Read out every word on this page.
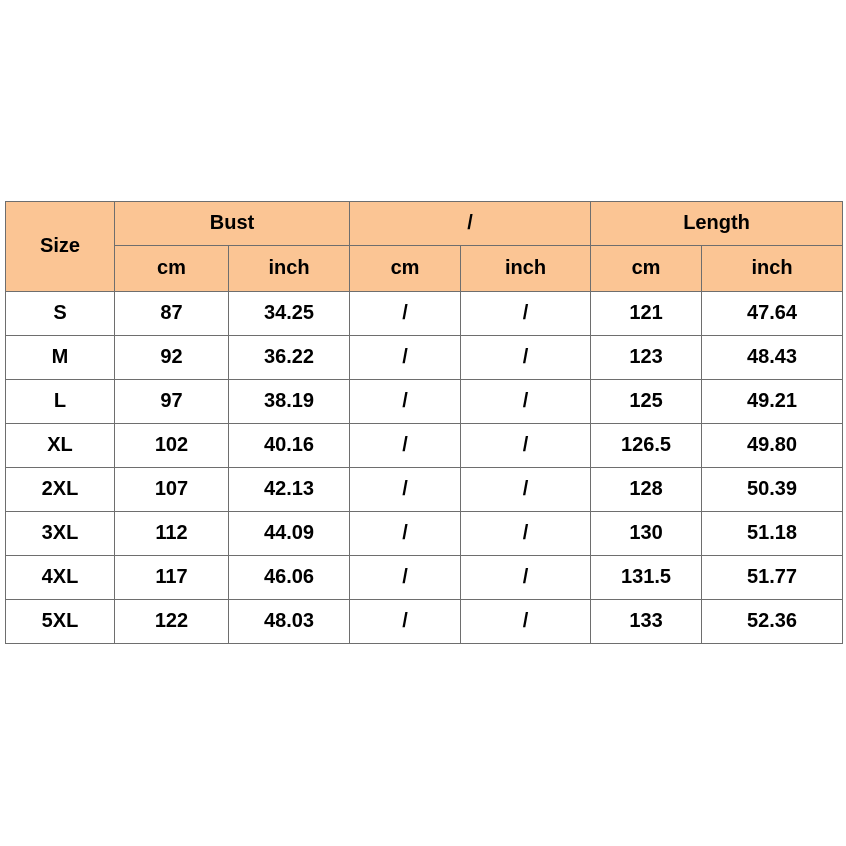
Size	Bust		/		Length	
	cm	inch	cm	inch	cm	inch
S	87	34.25	/	/	121	47.64
M	92	36.22	/	/	123	48.43
L	97	38.19	/	/	125	49.21
XL	102	40.16	/	/	126.5	49.80
2XL	107	42.13	/	/	128	50.39
3XL	112	44.09	/	/	130	51.18
4XL	117	46.06	/	/	131.5	51.77
5XL	122	48.03	/	/	133	52.36
